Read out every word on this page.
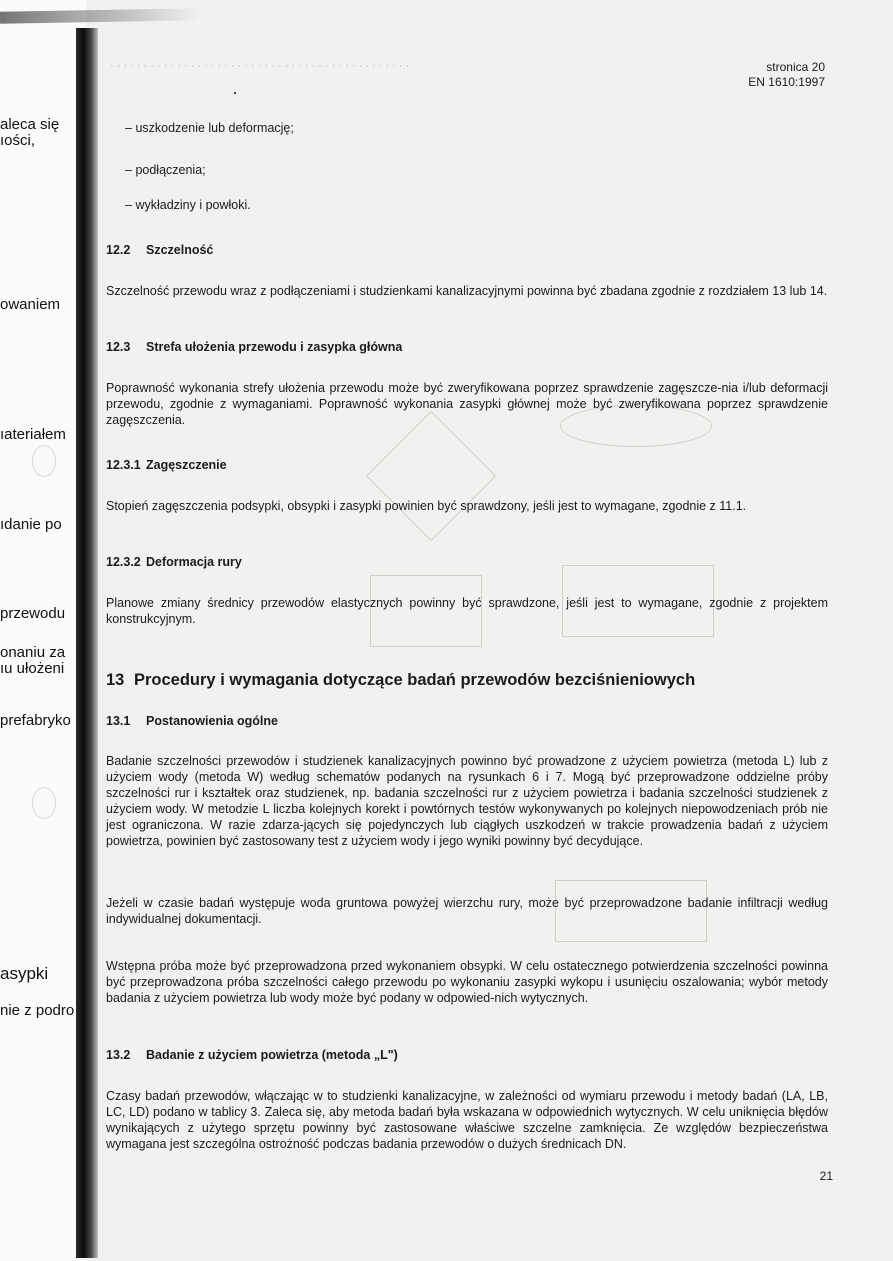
· · · · · · · · · · · · · · · · · · · · · · · · · · · · · · · · · · · · · · · · · · · · ·
aleca się
ıości,
owaniem
ıateriałem
ıdanie po
przewodu
onaniu za
ıu ułożeni
prefabryko
asypki
nie z podro
stronica 20
EN 1610:1997
– uszkodzenie lub deformację;
– podłączenia;
– wykładziny i powłoki.
12.2 Szczelność
Szczelność przewodu wraz z podłączeniami i studzienkami kanalizacyjnymi powinna być zbadana zgodnie z rozdziałem 13 lub 14.
12.3 Strefa ułożenia przewodu i zasypka główna
Poprawność wykonania strefy ułożenia przewodu może być zweryfikowana poprzez sprawdzenie zagęszcze-nia i/lub deformacji przewodu, zgodnie z wymaganiami. Poprawność wykonania zasypki głównej może być zweryfikowana poprzez sprawdzenie zagęszczenia.
12.3.1 Zagęszczenie
Stopień zagęszczenia podsypki, obsypki i zasypki powinien być sprawdzony, jeśli jest to wymagane, zgodnie z 11.1.
12.3.2 Deformacja rury
Planowe zmiany średnicy przewodów elastycznych powinny być sprawdzone, jeśli jest to wymagane, zgodnie z projektem konstrukcyjnym.
13 Procedury i wymagania dotyczące badań przewodów bezciśnieniowych
13.1 Postanowienia ogólne
Badanie szczelności przewodów i studzienek kanalizacyjnych powinno być prowadzone z użyciem powietrza (metoda L) lub z użyciem wody (metoda W) według schematów podanych na rysunkach 6 i 7. Mogą być przeprowadzone oddzielne próby szczelności rur i kształtek oraz studzienek, np. badania szczelności rur z użyciem powietrza i badania szczelności studzienek z użyciem wody. W metodzie L liczba kolejnych korekt i powtórnych testów wykonywanych po kolejnych niepowodzeniach prób nie jest ograniczona. W razie zdarza-jących się pojedynczych lub ciągłych uszkodzeń w trakcie prowadzenia badań z użyciem powietrza, powinien być zastosowany test z użyciem wody i jego wyniki powinny być decydujące.
Jeżeli w czasie badań występuje woda gruntowa powyżej wierzchu rury, może być przeprowadzone badanie infiltracji według indywidualnej dokumentacji.
Wstępna próba może być przeprowadzona przed wykonaniem obsypki. W celu ostatecznego potwierdzenia szczelności powinna być przeprowadzona próba szczelności całego przewodu po wykonaniu zasypki wykopu i usunięciu oszalowania; wybór metody badania z użyciem powietrza lub wody może być podany w odpowied-nich wytycznych.
13.2 Badanie z użyciem powietrza (metoda „L")
Czasy badań przewodów, włączając w to studzienki kanalizacyjne, w zależności od wymiaru przewodu i metody badań (LA, LB, LC, LD) podano w tablicy 3. Zaleca się, aby metoda badań była wskazana w odpowiednich wytycznych. W celu uniknięcia błędów wynikających z użytego sprzętu powinny być zastosowane właściwe szczelne zamknięcia. Ze względów bezpieczeństwa wymagana jest szczególna ostrożność podczas badania przewodów o dużych średnicach DN.
21
